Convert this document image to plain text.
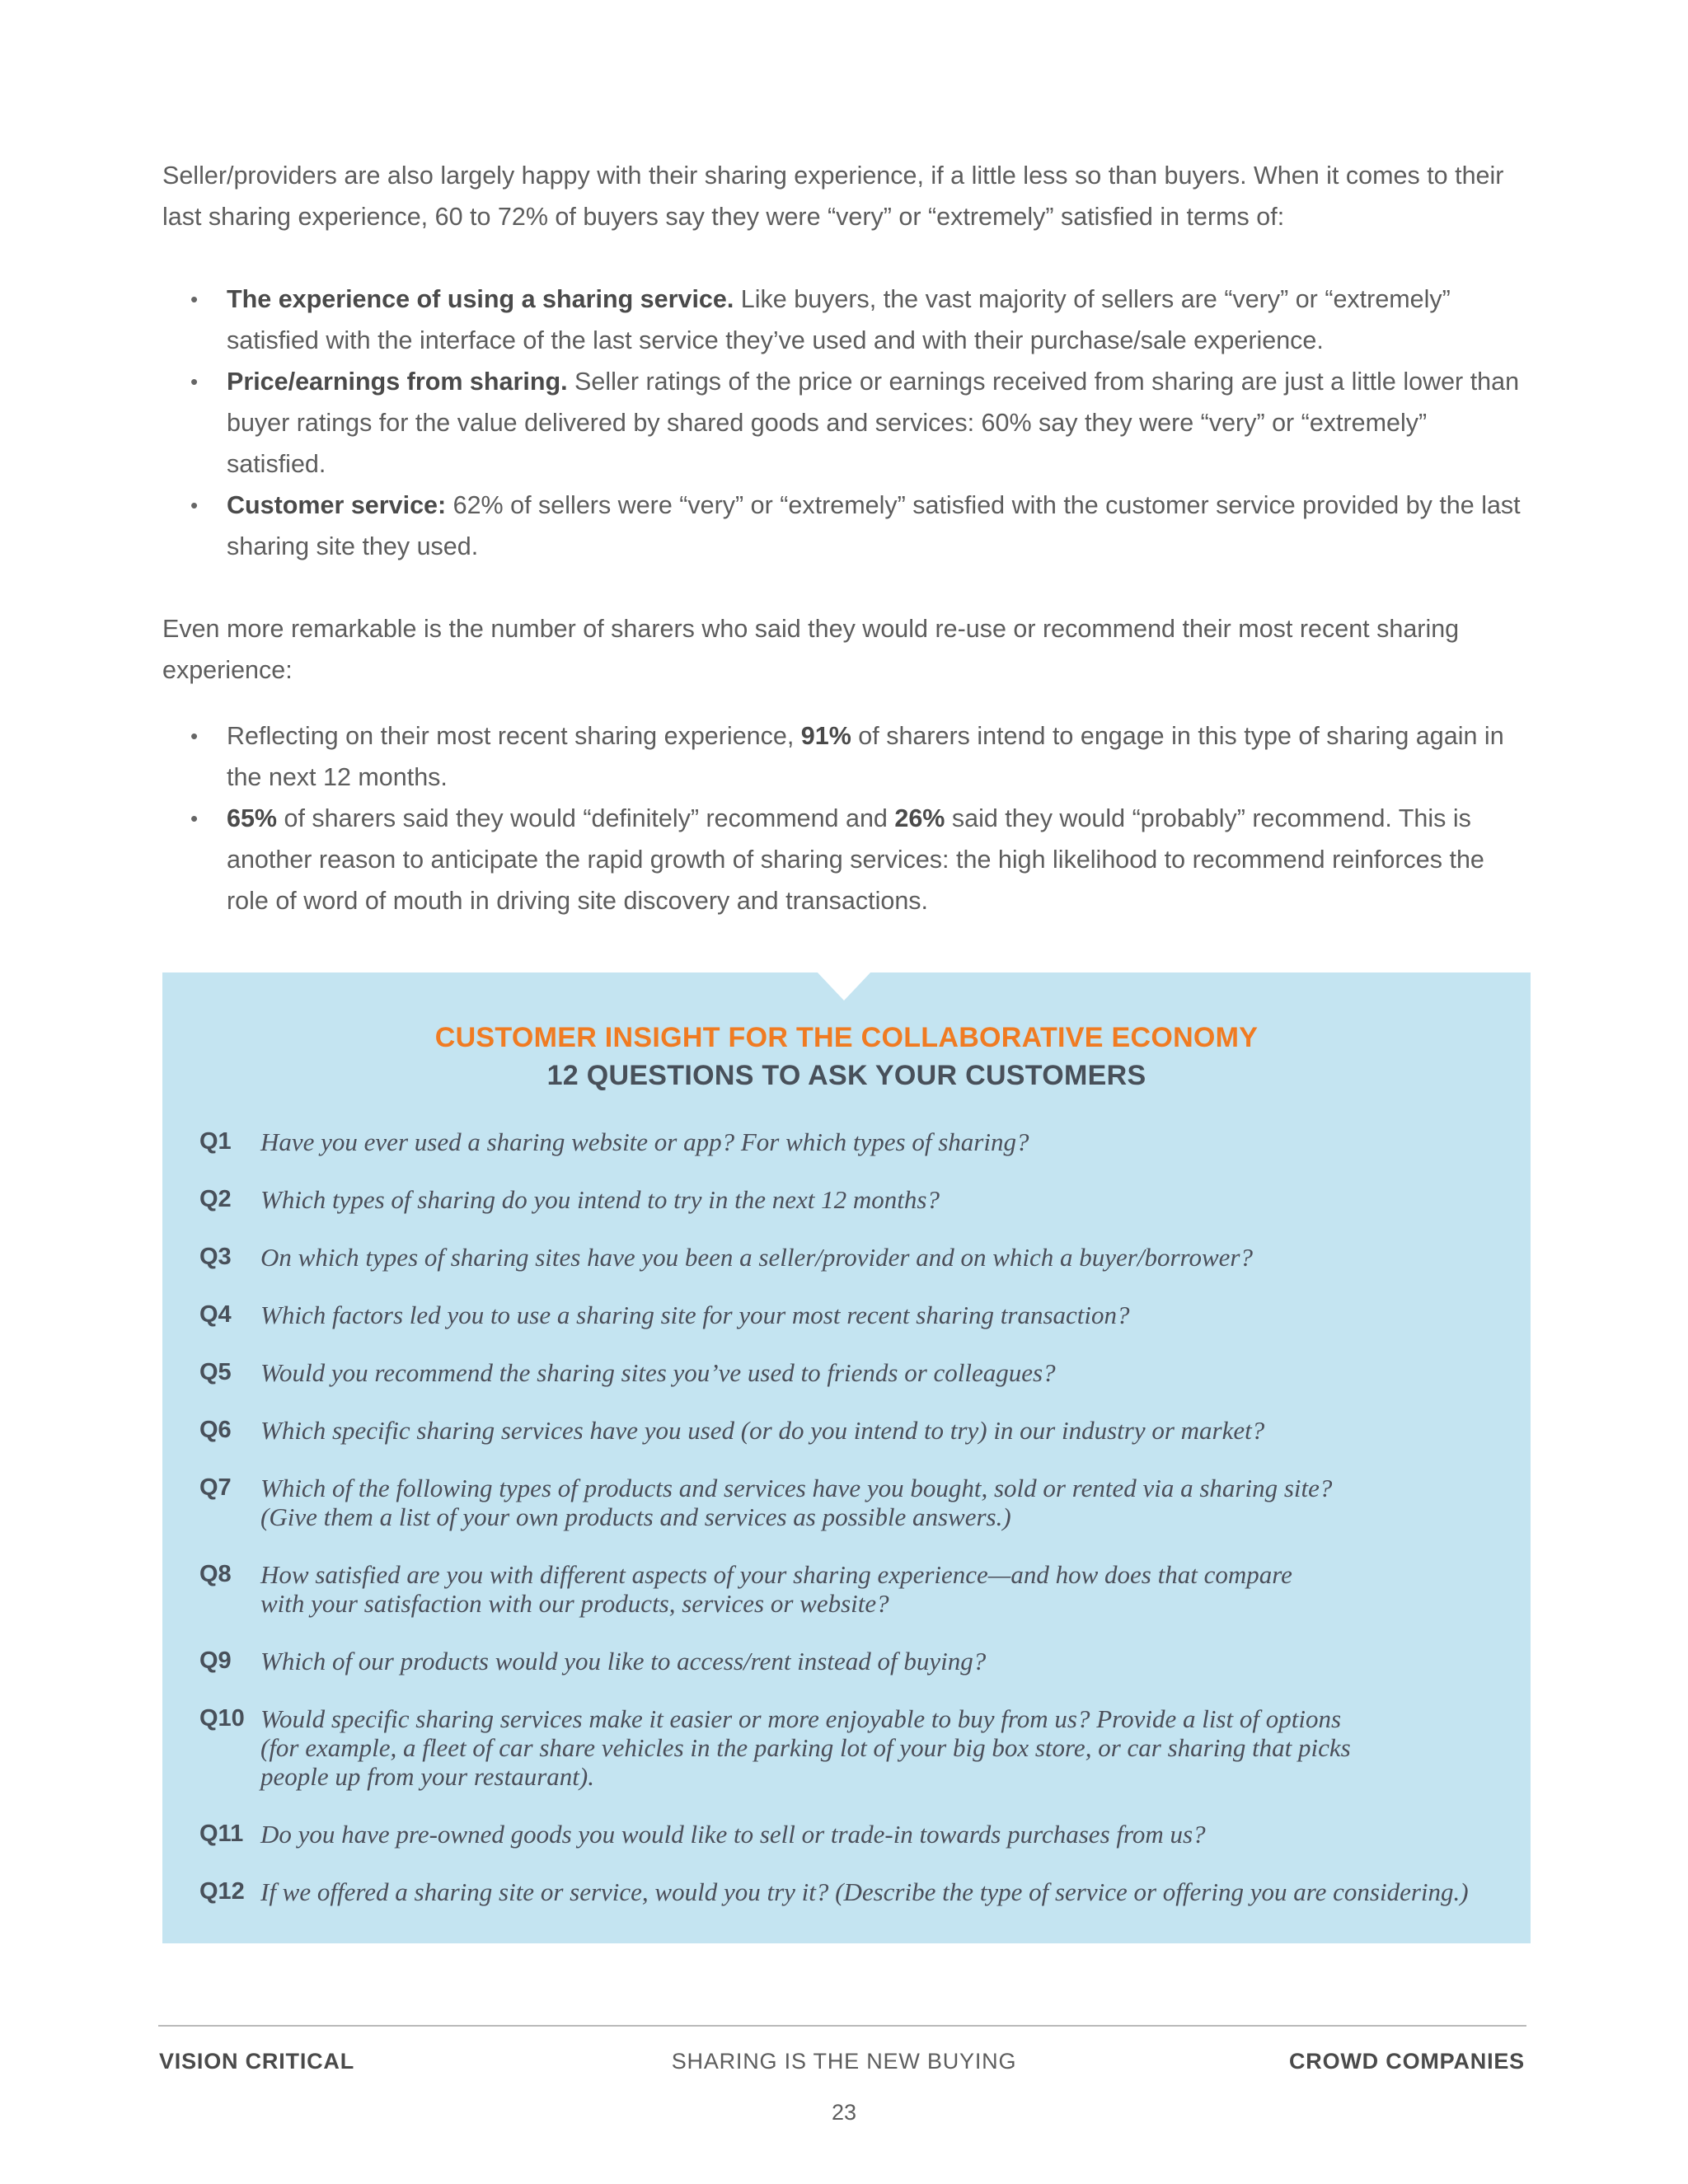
Seller/providers are also largely happy with their sharing experience, if a little less so than buyers. When it comes to their last sharing experience, 60 to 72% of buyers say they were “very” or “extremely” satisfied in terms of:

• The experience of using a sharing service. Like buyers, the vast majority of sellers are “very” or “extremely” satisfied with the interface of the last service they’ve used and with their purchase/sale experience.
• Price/earnings from sharing. Seller ratings of the price or earnings received from sharing are just a little lower than buyer ratings for the value delivered by shared goods and services: 60% say they were “very” or “extremely” satisfied.
• Customer service: 62% of sellers were “very” or “extremely” satisfied with the customer service provided by the last sharing site they used.

Even more remarkable is the number of sharers who said they would re-use or recommend their most recent sharing experience:

• Reflecting on their most recent sharing experience, 91% of sharers intend to engage in this type of sharing again in the next 12 months.
• 65% of sharers said they would “definitely” recommend and 26% said they would “probably” recommend. This is another reason to anticipate the rapid growth of sharing services: the high likelihood to recommend reinforces the role of word of mouth in driving site discovery and transactions.
CUSTOMER INSIGHT FOR THE COLLABORATIVE ECONOMY
12 QUESTIONS TO ASK YOUR CUSTOMERS
Q1 Have you ever used a sharing website or app? For which types of sharing?
Q2 Which types of sharing do you intend to try in the next 12 months?
Q3 On which types of sharing sites have you been a seller/provider and on which a buyer/borrower?
Q4 Which factors led you to use a sharing site for your most recent sharing transaction?
Q5 Would you recommend the sharing sites you’ve used to friends or colleagues?
Q6 Which specific sharing services have you used (or do you intend to try) in our industry or market?
Q7 Which of the following types of products and services have you bought, sold or rented via a sharing site?
(Give them a list of your own products and services as possible answers.)
Q8 How satisfied are you with different aspects of your sharing experience—and how does that compare
with your satisfaction with our products, services or website?
Q9 Which of our products would you like to access/rent instead of buying?
Q10 Would specific sharing services make it easier or more enjoyable to buy from us? Provide a list of options
(for example, a fleet of car share vehicles in the parking lot of your big box store, or car sharing that picks
people up from your restaurant).
Q11 Do you have pre-owned goods you would like to sell or trade-in towards purchases from us?
Q12 If we offered a sharing site or service, would you try it? (Describe the type of service or offering you are considering.)
VISION CRITICAL	SHARING IS THE NEW BUYING	CROWD COMPANIES
23
